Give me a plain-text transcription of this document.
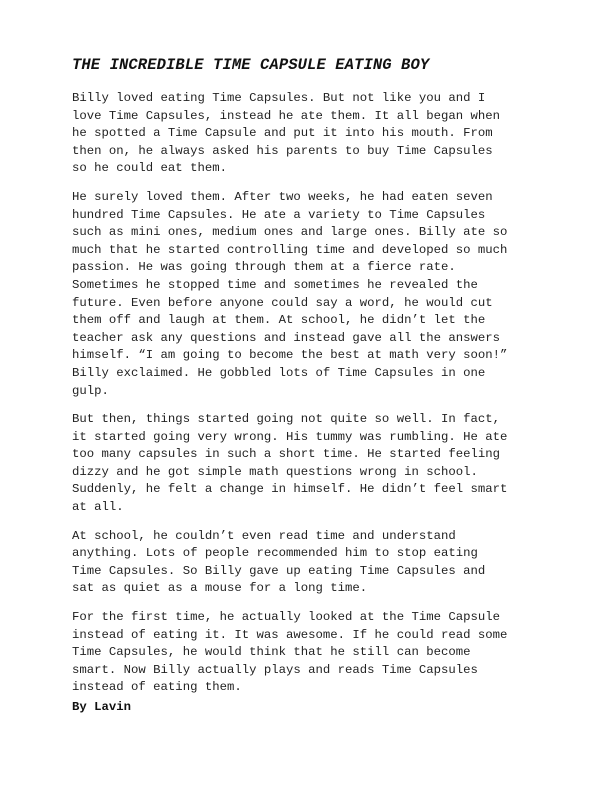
THE INCREDIBLE TIME CAPSULE EATING BOY

Billy loved eating Time Capsules. But not like you and I
love Time Capsules, instead he ate them. It all began when
he spotted a Time Capsule and put it into his mouth. From
then on, he always asked his parents to buy Time Capsules
so he could eat them.

He surely loved them. After two weeks, he had eaten seven
hundred Time Capsules. He ate a variety to Time Capsules
such as mini ones, medium ones and large ones. Billy ate so
much that he started controlling time and developed so much
passion. He was going through them at a fierce rate.
Sometimes he stopped time and sometimes he revealed the
future. Even before anyone could say a word, he would cut
them off and laugh at them. At school, he didn’t let the
teacher ask any questions and instead gave all the answers
himself. “I am going to become the best at math very soon!”
Billy exclaimed. He gobbled lots of Time Capsules in one
gulp.

But then, things started going not quite so well. In fact,
it started going very wrong. His tummy was rumbling. He ate
too many capsules in such a short time. He started feeling
dizzy and he got simple math questions wrong in school.
Suddenly, he felt a change in himself. He didn’t feel smart
at all.

At school, he couldn’t even read time and understand
anything. Lots of people recommended him to stop eating
Time Capsules. So Billy gave up eating Time Capsules and
sat as quiet as a mouse for a long time.

For the first time, he actually looked at the Time Capsule
instead of eating it. It was awesome. If he could read some
Time Capsules, he would think that he still can become
smart. Now Billy actually plays and reads Time Capsules
instead of eating them.

By Lavin
